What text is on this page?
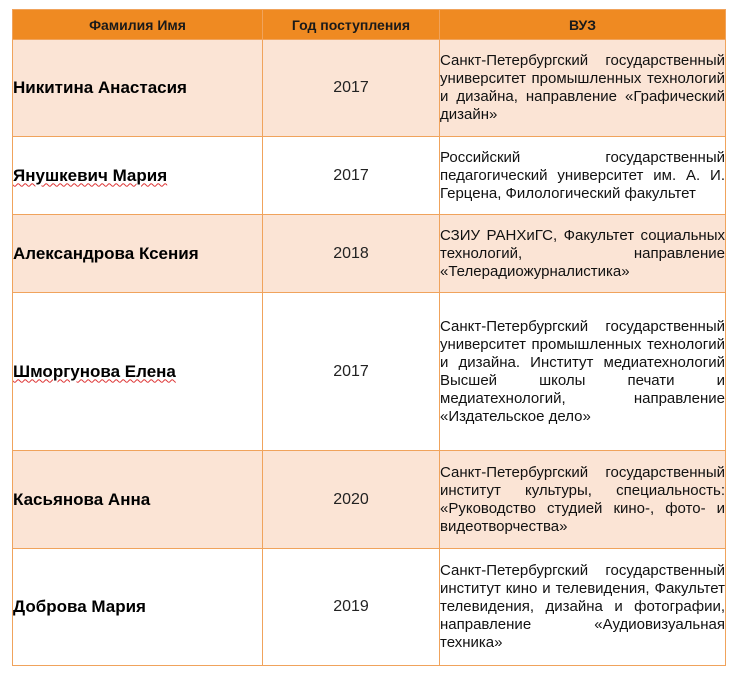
Фамилия Имя	Год поступления	ВУЗ
Никитина Анастасия	2017	Санкт-Петербургский государственный университет промышленных технологий и дизайна, направление «Графический дизайн»

Янушкевич Мария	2017	Российский государственный педагогический университет им. А. И. Герцена, Филологический факультет

Александрова Ксения	2018	СЗИУ РАНХиГС, Факультет социальных технологий, направление «Телерадиожурналистика»

Шморгунова Елена	2017	Санкт-Петербургский государственный университет промышленных технологий и дизайна. Институт медиатехнологий Высшей школы печати и медиатехнологий, направление «Издательское дело»

Касьянова Анна	2020	Санкт-Петербургский государственный институт культуры, специальность: «Руководство студией кино-, фото- и видеотворчества»

Доброва Мария	2019	Санкт-Петербургский государственный институт кино и телевидения, Факультет телевидения, дизайна и фотографии, направление «Аудиовизуальная техника»
